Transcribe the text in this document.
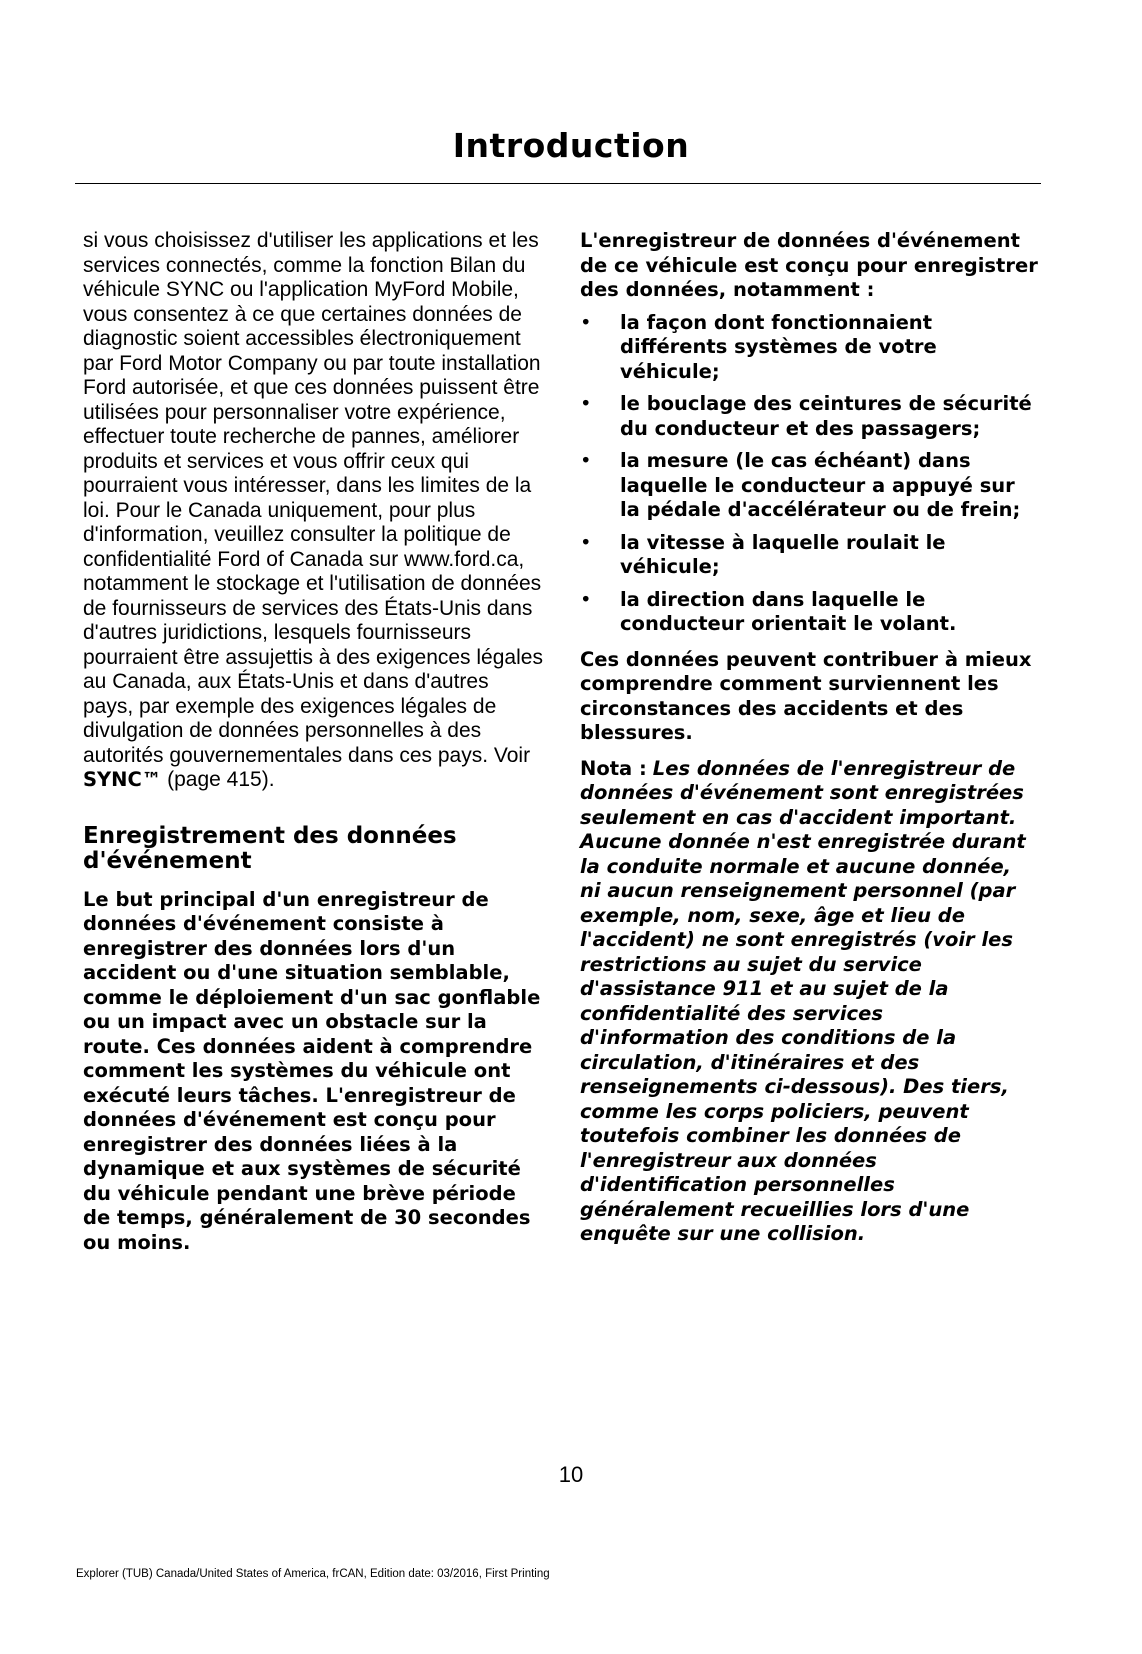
Introduction

si vous choisissez d'utiliser les applications et les services connectés, comme la fonction Bilan du véhicule SYNC ou l'application MyFord Mobile, vous consentez à ce que certaines données de diagnostic soient accessibles électroniquement par Ford Motor Company ou par toute installation Ford autorisée, et que ces données puissent être utilisées pour personnaliser votre expérience, effectuer toute recherche de pannes, améliorer produits et services et vous offrir ceux qui pourraient vous intéresser, dans les limites de la loi. Pour le Canada uniquement, pour plus d'information, veuillez consulter la politique de confidentialité Ford of Canada sur www.ford.ca, notamment le stockage et l'utilisation de données de fournisseurs de services des États-Unis dans d'autres juridictions, lesquels fournisseurs pourraient être assujettis à des exigences légales au Canada, aux États-Unis et dans d'autres pays, par exemple des exigences légales de divulgation de données personnelles à des autorités gouvernementales dans ces pays. Voir SYNC™ (page 415).

Enregistrement des données d'événement

Le but principal d'un enregistreur de données d'événement consiste à enregistrer des données lors d'un accident ou d'une situation semblable, comme le déploiement d'un sac gonflable ou un impact avec un obstacle sur la route. Ces données aident à comprendre comment les systèmes du véhicule ont exécuté leurs tâches. L'enregistreur de données d'événement est conçu pour enregistrer des données liées à la dynamique et aux systèmes de sécurité du véhicule pendant une brève période de temps, généralement de 30 secondes ou moins.

L'enregistreur de données d'événement de ce véhicule est conçu pour enregistrer des données, notamment :

• la façon dont fonctionnaient différents systèmes de votre véhicule;
• le bouclage des ceintures de sécurité du conducteur et des passagers;
• la mesure (le cas échéant) dans laquelle le conducteur a appuyé sur la pédale d'accélérateur ou de frein;
• la vitesse à laquelle roulait le véhicule;
• la direction dans laquelle le conducteur orientait le volant.

Ces données peuvent contribuer à mieux comprendre comment surviennent les circonstances des accidents et des blessures.

Nota : Les données de l'enregistreur de données d'événement sont enregistrées seulement en cas d'accident important. Aucune donnée n'est enregistrée durant la conduite normale et aucune donnée, ni aucun renseignement personnel (par exemple, nom, sexe, âge et lieu de l'accident) ne sont enregistrés (voir les restrictions au sujet du service d'assistance 911 et au sujet de la confidentialité des services d'information des conditions de la circulation, d'itinéraires et des renseignements ci-dessous). Des tiers, comme les corps policiers, peuvent toutefois combiner les données de l'enregistreur aux données d'identification personnelles généralement recueillies lors d'une enquête sur une collision.

10
Explorer (TUB) Canada/United States of America, frCAN, Edition date: 03/2016, First Printing
